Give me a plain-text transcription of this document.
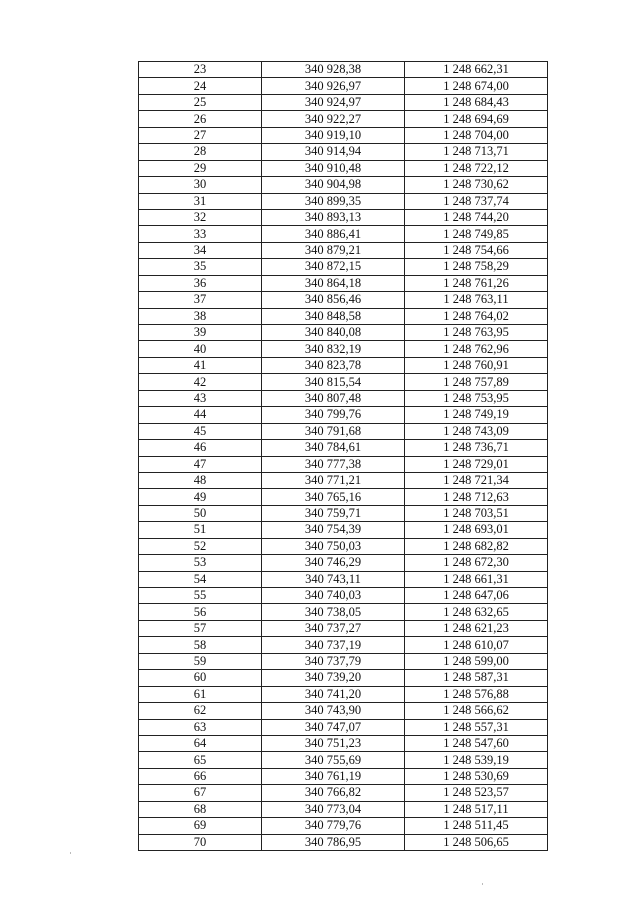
23	340 928,38	1 248 662,31
24	340 926,97	1 248 674,00
25	340 924,97	1 248 684,43
26	340 922,27	1 248 694,69
27	340 919,10	1 248 704,00
28	340 914,94	1 248 713,71
29	340 910,48	1 248 722,12
30	340 904,98	1 248 730,62
31	340 899,35	1 248 737,74
32	340 893,13	1 248 744,20
33	340 886,41	1 248 749,85
34	340 879,21	1 248 754,66
35	340 872,15	1 248 758,29
36	340 864,18	1 248 761,26
37	340 856,46	1 248 763,11
38	340 848,58	1 248 764,02
39	340 840,08	1 248 763,95
40	340 832,19	1 248 762,96
41	340 823,78	1 248 760,91
42	340 815,54	1 248 757,89
43	340 807,48	1 248 753,95
44	340 799,76	1 248 749,19
45	340 791,68	1 248 743,09
46	340 784,61	1 248 736,71
47	340 777,38	1 248 729,01
48	340 771,21	1 248 721,34
49	340 765,16	1 248 712,63
50	340 759,71	1 248 703,51
51	340 754,39	1 248 693,01
52	340 750,03	1 248 682,82
53	340 746,29	1 248 672,30
54	340 743,11	1 248 661,31
55	340 740,03	1 248 647,06
56	340 738,05	1 248 632,65
57	340 737,27	1 248 621,23
58	340 737,19	1 248 610,07
59	340 737,79	1 248 599,00
60	340 739,20	1 248 587,31
61	340 741,20	1 248 576,88
62	340 743,90	1 248 566,62
63	340 747,07	1 248 557,31
64	340 751,23	1 248 547,60
65	340 755,69	1 248 539,19
66	340 761,19	1 248 530,69
67	340 766,82	1 248 523,57
68	340 773,04	1 248 517,11
69	340 779,76	1 248 511,45
70	340 786,95	1 248 506,65
